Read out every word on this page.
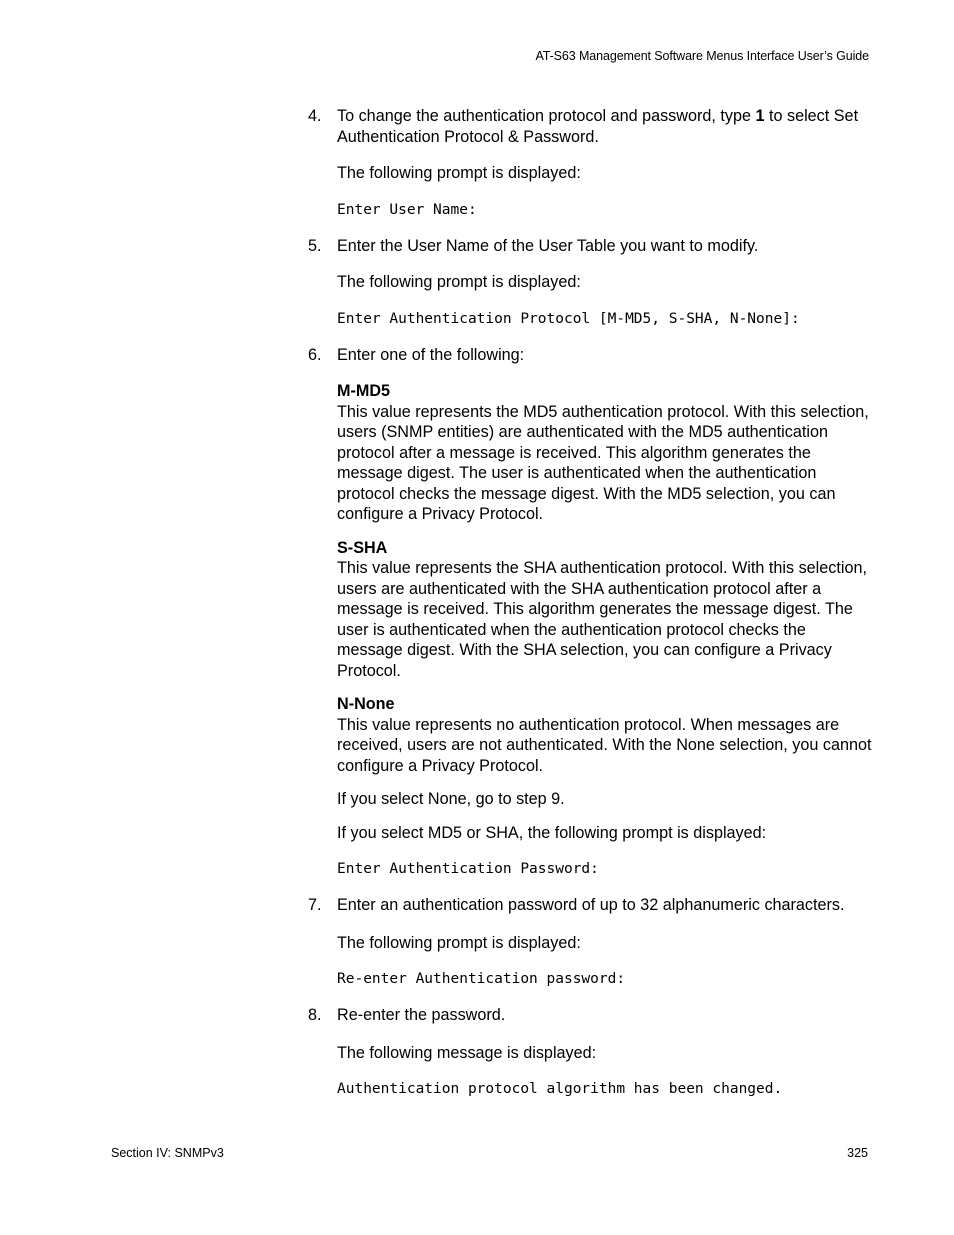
AT-S63 Management Software Menus Interface User’s Guide
4. To change the authentication protocol and password, type 1 to select Set Authentication Protocol & Password.

The following prompt is displayed:

Enter User Name:

5. Enter the User Name of the User Table you want to modify.

The following prompt is displayed:

Enter Authentication Protocol [M-MD5, S-SHA, N-None]:

6. Enter one of the following:

M-MD5

This value represents the MD5 authentication protocol. With this selection, users (SNMP entities) are authenticated with the MD5 authentication protocol after a message is received. This algorithm generates the message digest. The user is authenticated when the authentication protocol checks the message digest. With the MD5 selection, you can configure a Privacy Protocol.

S-SHA

This value represents the SHA authentication protocol. With this selection, users are authenticated with the SHA authentication protocol after a message is received. This algorithm generates the message digest. The user is authenticated when the authentication protocol checks the message digest. With the SHA selection, you can configure a Privacy Protocol.

N-None

This value represents no authentication protocol. When messages are received, users are not authenticated. With the None selection, you cannot configure a Privacy Protocol.

If you select None, go to step 9.

If you select MD5 or SHA, the following prompt is displayed:

Enter Authentication Password:

7. Enter an authentication password of up to 32 alphanumeric characters.

The following prompt is displayed:

Re-enter Authentication password:

8. Re-enter the password.

The following message is displayed:

Authentication protocol algorithm has been changed.

Section IV: SNMPv3	325
